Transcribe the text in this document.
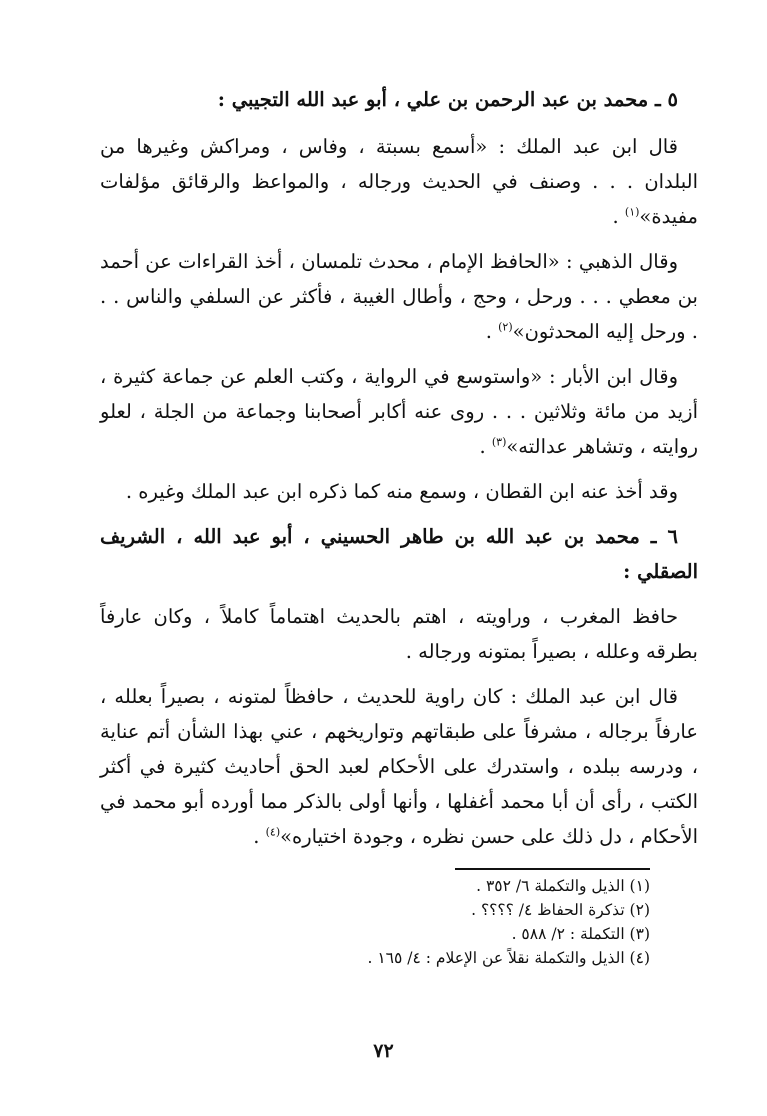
٥ ـ محمد بن عبد الرحمن بن علي ، أبو عبد الله التجيبي :

قال ابن عبد الملك : «أسمع بسبتة ، وفاس ، ومراكش وغيرها من البلدان . . . وصنف في الحديث ورجاله ، والمواعظ والرقائق مؤلفات مفيدة»$^{(١)}$ .

وقال الذهبي : «الحافظ الإمام ، محدث تلمسان ، أخذ القراءات عن أحمد بن معطي . . . ورحل ، وحج ، وأطال الغيبة ، فأكثر عن السلفي والناس . . . ورحل إليه المحدثون»$^{(٢)}$ .

وقال ابن الأبار : «واستوسع في الرواية ، وكتب العلم عن جماعة كثيرة ، أزيد من مائة وثلاثين . . . روى عنه أكابر أصحابنا وجماعة من الجلة ، لعلو روايته ، وتشاهر عدالته»$^{(٣)}$ .

وقد أخذ عنه ابن القطان ، وسمع منه كما ذكره ابن عبد الملك وغيره .

٦ ـ محمد بن عبد الله بن طاهر الحسيني ، أبو عبد الله ، الشريف الصقلي :

حافظ المغرب ، وراويته ، اهتم بالحديث اهتماماً كاملاً ، وكان عارفاً بطرقه وعلله ، بصيراً بمتونه ورجاله .

قال ابن عبد الملك : كان راوية للحديث ، حافظاً لمتونه ، بصيراً بعلله ، عارفاً برجاله ، مشرفاً على طبقاتهم وتواريخهم ، عني بهذا الشأن أتم عناية ، ودرسه ببلده ، واستدرك على الأحكام لعبد الحق أحاديث كثيرة في أكثر الكتب ، رأى أن أبا محمد أغفلها ، وأنها أولى بالذكر مما أورده أبو محمد في الأحكام ، دل ذلك على حسن نظره ، وجودة اختياره»$^{(٤)}$ .

(١) الذيل والتكملة ٦/ ٣٥٢ .
(٢) تذكرة الحفاظ ٤/ ؟؟؟؟ .
(٣) التكملة : ٢/ ٥٨٨ .
(٤) الذيل والتكملة نقلاً عن الإعلام : ٤/ ١٦٥ .
٧٢
